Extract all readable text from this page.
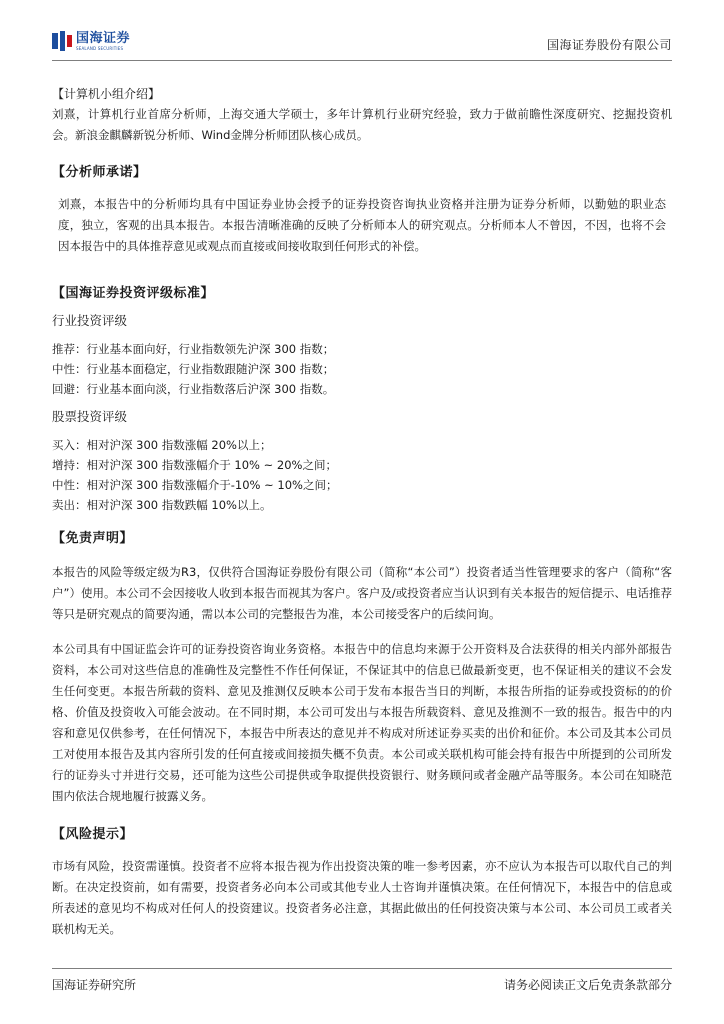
国海证券
SEALAND SECURITIES	国海证券股份有限公司
【计算机小组介绍】
刘熹，计算机行业首席分析师，上海交通大学硕士，多年计算机行业研究经验，致力于做前瞻性深度研究、挖掘投资机会。新浪金麒麟新锐分析师、Wind金牌分析师团队核心成员。
【分析师承诺】
刘熹，本报告中的分析师均具有中国证券业协会授予的证券投资咨询执业资格并注册为证券分析师，以勤勉的职业态度，独立，客观的出具本报告。本报告清晰准确的反映了分析师本人的研究观点。分析师本人不曾因，不因，也将不会因本报告中的具体推荐意见或观点而直接或间接收取到任何形式的补偿。
【国海证券投资评级标准】
行业投资评级
推荐：行业基本面向好，行业指数领先沪深 300 指数；
中性：行业基本面稳定，行业指数跟随沪深 300 指数；
回避：行业基本面向淡，行业指数落后沪深 300 指数。
股票投资评级
买入：相对沪深 300 指数涨幅 20%以上；
增持：相对沪深 300 指数涨幅介于 10% ~ 20%之间；
中性：相对沪深 300 指数涨幅介于-10% ~ 10%之间；
卖出：相对沪深 300 指数跌幅 10%以上。
【免责声明】
本报告的风险等级定级为R3，仅供符合国海证券股份有限公司（简称“本公司”）投资者适当性管理要求的客户（简称“客户”）使用。本公司不会因接收人收到本报告而视其为客户。客户及/或投资者应当认识到有关本报告的短信提示、电话推荐等只是研究观点的简要沟通，需以本公司的完整报告为准，本公司接受客户的后续问询。
本公司具有中国证监会许可的证券投资咨询业务资格。本报告中的信息均来源于公开资料及合法获得的相关内部外部报告资料，本公司对这些信息的准确性及完整性不作任何保证，不保证其中的信息已做最新变更，也不保证相关的建议不会发生任何变更。本报告所载的资料、意见及推测仅反映本公司于发布本报告当日的判断，本报告所指的证券或投资标的的价格、价值及投资收入可能会波动。在不同时期，本公司可发出与本报告所载资料、意见及推测不一致的报告。报告中的内容和意见仅供参考，在任何情况下，本报告中所表达的意见并不构成对所述证券买卖的出价和征价。本公司及其本公司员工对使用本报告及其内容所引发的任何直接或间接损失概不负责。本公司或关联机构可能会持有报告中所提到的公司所发行的证券头寸并进行交易，还可能为这些公司提供或争取提供投资银行、财务顾问或者金融产品等服务。本公司在知晓范围内依法合规地履行披露义务。
【风险提示】
市场有风险，投资需谨慎。投资者不应将本报告视为作出投资决策的唯一参考因素，亦不应认为本报告可以取代自己的判断。在决定投资前，如有需要，投资者务必向本公司或其他专业人士咨询并谨慎决策。在任何情况下，本报告中的信息或所表述的意见均不构成对任何人的投资建议。投资者务必注意，其据此做出的任何投资决策与本公司、本公司员工或者关联机构无关。
国海证券研究所	请务必阅读正文后免责条款部分
